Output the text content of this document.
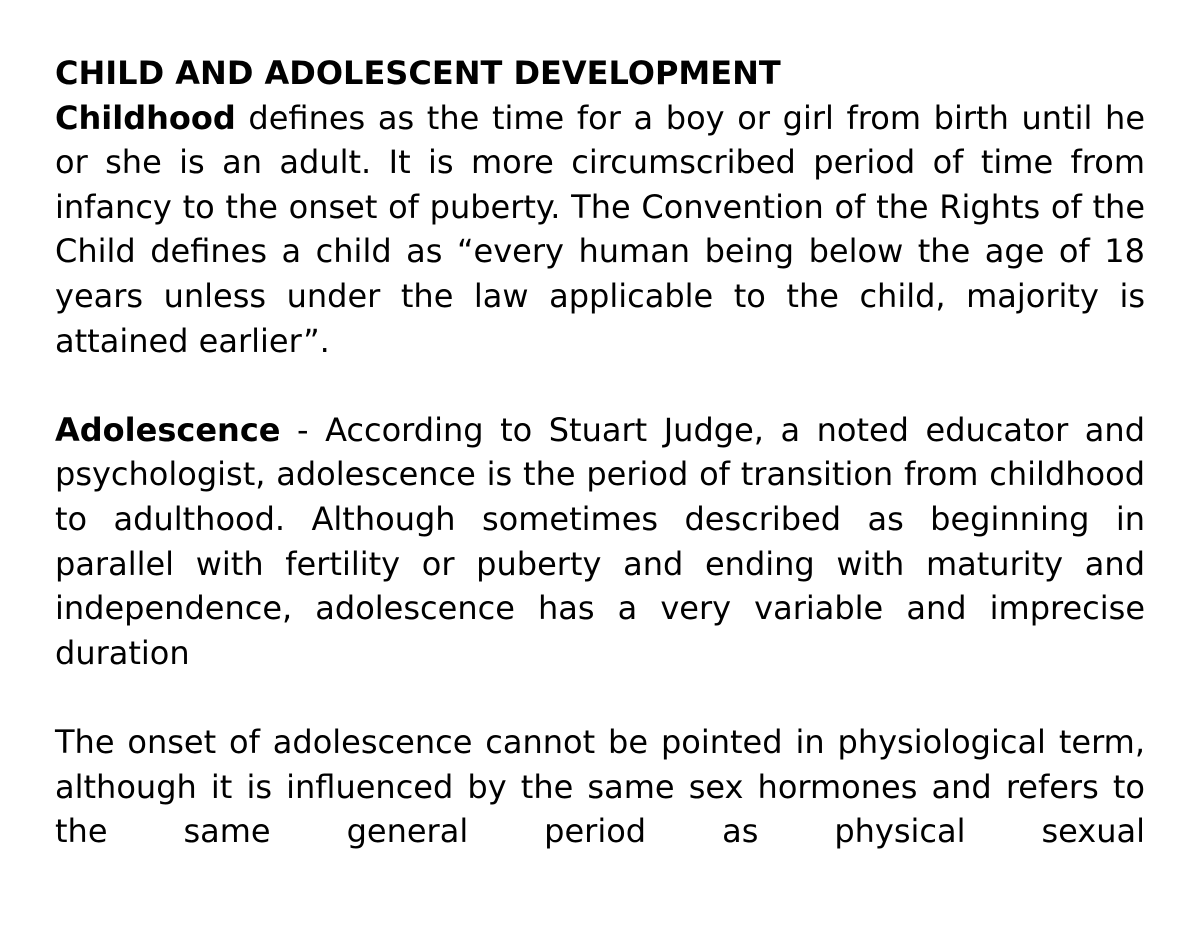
CHILD AND ADOLESCENT DEVELOPMENT

Childhood defines as the time for a boy or girl from birth until he or she is an adult. It is more circumscribed period of time from infancy to the onset of puberty. The Convention of the Rights of the Child defines a child as “every human being below the age of 18 years unless under the law applicable to the child, majority is attained earlier”.

Adolescence - According to Stuart Judge, a noted educator and psychologist, adolescence is the period of transition from childhood to adulthood. Although sometimes described as beginning in parallel with fertility or puberty and ending with maturity and independence, adolescence has a very variable and imprecise duration

The onset of adolescence cannot be pointed in physiological term, although it is influenced by the same sex hormones and refers to the same general period as physical sexual
